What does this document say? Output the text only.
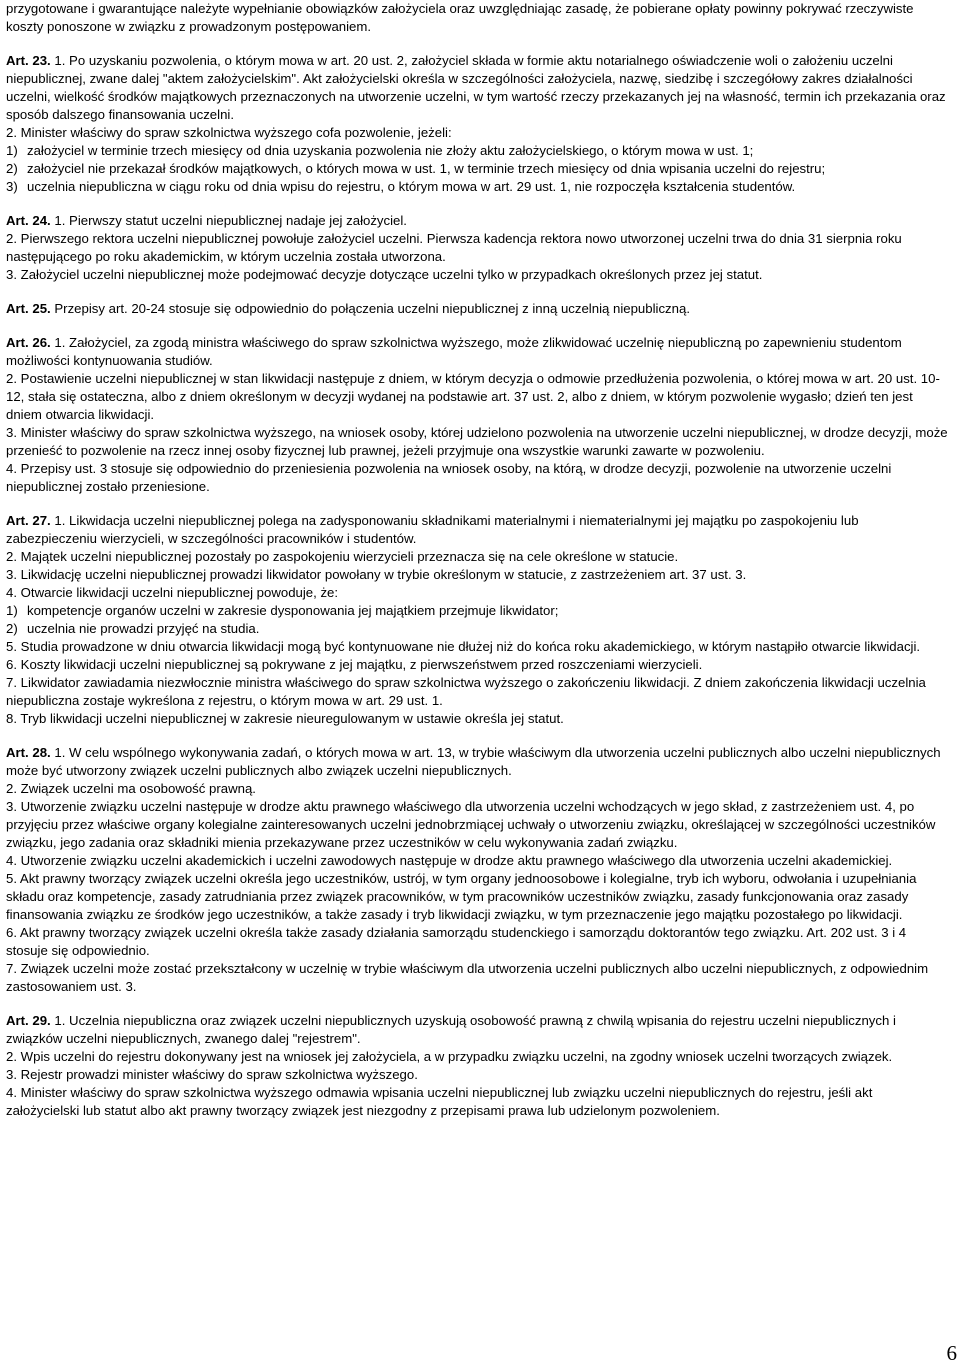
przygotowane i gwarantujące należyte wypełnianie obowiązków założyciela oraz uwzględniając zasadę, że pobierane opłaty powinny pokrywać rzeczywiste koszty ponoszone w związku z prowadzonym postępowaniem.

Art. 23. 1. Po uzyskaniu pozwolenia, o którym mowa w art. 20 ust. 2, założyciel składa w formie aktu notarialnego oświadczenie woli o założeniu uczelni niepublicznej, zwane dalej "aktem założycielskim". Akt założycielski określa w szczególności założyciela, nazwę, siedzibę i szczegółowy zakres działalności uczelni, wielkość środków majątkowych przeznaczonych na utworzenie uczelni, w tym wartość rzeczy przekazanych jej na własność, termin ich przekazania oraz sposób dalszego finansowania uczelni.

2. Minister właściwy do spraw szkolnictwa wyższego cofa pozwolenie, jeżeli:

1) założyciel w terminie trzech miesięcy od dnia uzyskania pozwolenia nie złoży aktu założycielskiego, o którym mowa w ust. 1;

2) założyciel nie przekazał środków majątkowych, o których mowa w ust. 1, w terminie trzech miesięcy od dnia wpisania uczelni do rejestru;

3) uczelnia niepubliczna w ciągu roku od dnia wpisu do rejestru, o którym mowa w art. 29 ust. 1, nie rozpoczęła kształcenia studentów.

Art. 24. 1. Pierwszy statut uczelni niepublicznej nadaje jej założyciel.

2. Pierwszego rektora uczelni niepublicznej powołuje założyciel uczelni. Pierwsza kadencja rektora nowo utworzonej uczelni trwa do dnia 31 sierpnia roku następującego po roku akademickim, w którym uczelnia została utworzona.

3. Założyciel uczelni niepublicznej może podejmować decyzje dotyczące uczelni tylko w przypadkach określonych przez jej statut.

Art. 25. Przepisy art. 20-24 stosuje się odpowiednio do połączenia uczelni niepublicznej z inną uczelnią niepubliczną.

Art. 26. 1. Założyciel, za zgodą ministra właściwego do spraw szkolnictwa wyższego, może zlikwidować uczelnię niepubliczną po zapewnieniu studentom możliwości kontynuowania studiów.

2. Postawienie uczelni niepublicznej w stan likwidacji następuje z dniem, w którym decyzja o odmowie przedłużenia pozwolenia, o której mowa w art. 20 ust. 10-12, stała się ostateczna, albo z dniem określonym w decyzji wydanej na podstawie art. 37 ust. 2, albo z dniem, w którym pozwolenie wygasło; dzień ten jest dniem otwarcia likwidacji.

3. Minister właściwy do spraw szkolnictwa wyższego, na wniosek osoby, której udzielono pozwolenia na utworzenie uczelni niepublicznej, w drodze decyzji, może przenieść to pozwolenie na rzecz innej osoby fizycznej lub prawnej, jeżeli przyjmuje ona wszystkie warunki zawarte w pozwoleniu.

4. Przepisy ust. 3 stosuje się odpowiednio do przeniesienia pozwolenia na wniosek osoby, na którą, w drodze decyzji, pozwolenie na utworzenie uczelni niepublicznej zostało przeniesione.

Art. 27. 1. Likwidacja uczelni niepublicznej polega na zadysponowaniu składnikami materialnymi i niematerialnymi jej majątku po zaspokojeniu lub zabezpieczeniu wierzycieli, w szczególności pracowników i studentów.

2. Majątek uczelni niepublicznej pozostały po zaspokojeniu wierzycieli przeznacza się na cele określone w statucie.

3. Likwidację uczelni niepublicznej prowadzi likwidator powołany w trybie określonym w statucie, z zastrzeżeniem art. 37 ust. 3.

4. Otwarcie likwidacji uczelni niepublicznej powoduje, że:

1) kompetencje organów uczelni w zakresie dysponowania jej majątkiem przejmuje likwidator;

2) uczelnia nie prowadzi przyjęć na studia.

5. Studia prowadzone w dniu otwarcia likwidacji mogą być kontynuowane nie dłużej niż do końca roku akademickiego, w którym nastąpiło otwarcie likwidacji.

6. Koszty likwidacji uczelni niepublicznej są pokrywane z jej majątku, z pierwszeństwem przed roszczeniami wierzycieli.

7. Likwidator zawiadamia niezwłocznie ministra właściwego do spraw szkolnictwa wyższego o zakończeniu likwidacji. Z dniem zakończenia likwidacji uczelnia niepubliczna zostaje wykreślona z rejestru, o którym mowa w art. 29 ust. 1.

8. Tryb likwidacji uczelni niepublicznej w zakresie nieuregulowanym w ustawie określa jej statut.

Art. 28. 1. W celu wspólnego wykonywania zadań, o których mowa w art. 13, w trybie właściwym dla utworzenia uczelni publicznych albo uczelni niepublicznych może być utworzony związek uczelni publicznych albo związek uczelni niepublicznych.

2. Związek uczelni ma osobowość prawną.

3. Utworzenie związku uczelni następuje w drodze aktu prawnego właściwego dla utworzenia uczelni wchodzących w jego skład, z zastrzeżeniem ust. 4, po przyjęciu przez właściwe organy kolegialne zainteresowanych uczelni jednobrzmiącej uchwały o utworzeniu związku, określającej w szczególności uczestników związku, jego zadania oraz składniki mienia przekazywane przez uczestników w celu wykonywania zadań związku.

4. Utworzenie związku uczelni akademickich i uczelni zawodowych następuje w drodze aktu prawnego właściwego dla utworzenia uczelni akademickiej.

5. Akt prawny tworzący związek uczelni określa jego uczestników, ustrój, w tym organy jednoosobowe i kolegialne, tryb ich wyboru, odwołania i uzupełniania składu oraz kompetencje, zasady zatrudniania przez związek pracowników, w tym pracowników uczestników związku, zasady funkcjonowania oraz zasady finansowania związku ze środków jego uczestników, a także zasady i tryb likwidacji związku, w tym przeznaczenie jego majątku pozostałego po likwidacji.

6. Akt prawny tworzący związek uczelni określa także zasady działania samorządu studenckiego i samorządu doktorantów tego związku. Art. 202 ust. 3 i 4 stosuje się odpowiednio.

7. Związek uczelni może zostać przekształcony w uczelnię w trybie właściwym dla utworzenia uczelni publicznych albo uczelni niepublicznych, z odpowiednim zastosowaniem ust. 3.

Art. 29. 1. Uczelnia niepubliczna oraz związek uczelni niepublicznych uzyskują osobowość prawną z chwilą wpisania do rejestru uczelni niepublicznych i związków uczelni niepublicznych, zwanego dalej "rejestrem".

2. Wpis uczelni do rejestru dokonywany jest na wniosek jej założyciela, a w przypadku związku uczelni, na zgodny wniosek uczelni tworzących związek.

3. Rejestr prowadzi minister właściwy do spraw szkolnictwa wyższego.

4. Minister właściwy do spraw szkolnictwa wyższego odmawia wpisania uczelni niepublicznej lub związku uczelni niepublicznych do rejestru, jeśli akt założycielski lub statut albo akt prawny tworzący związek jest niezgodny z przepisami prawa lub udzielonym pozwoleniem.

6
